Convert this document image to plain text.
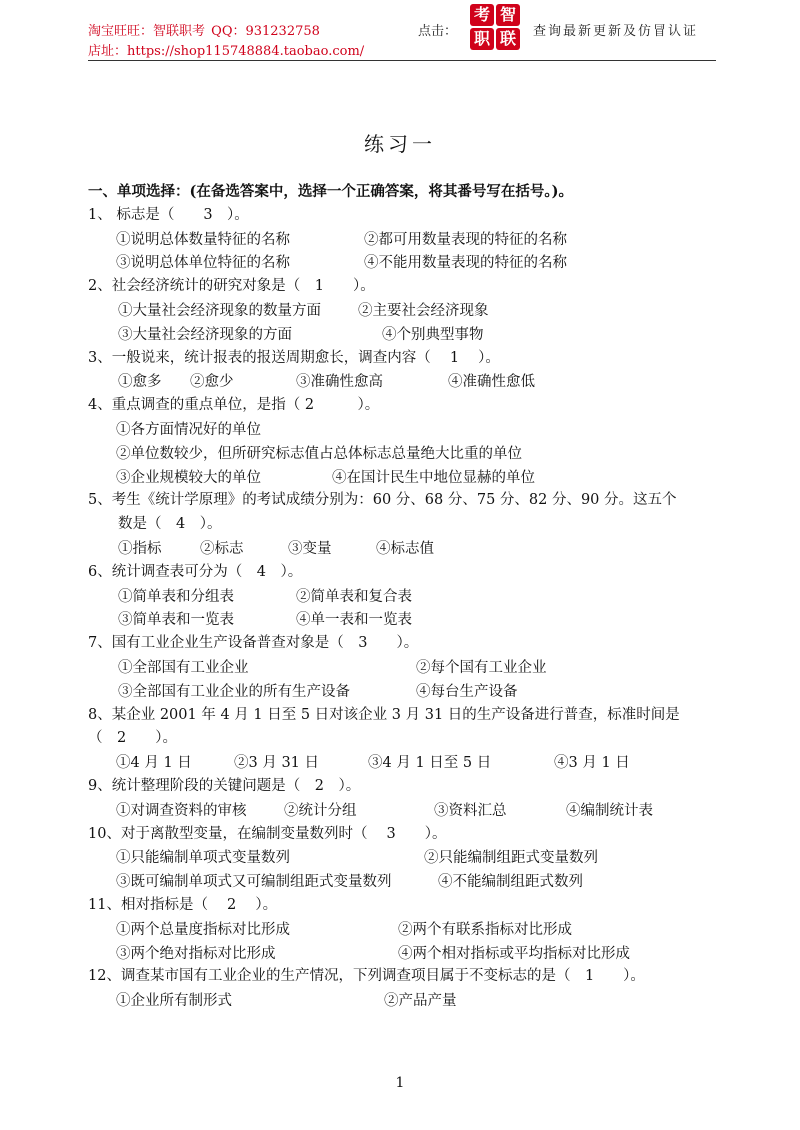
淘宝旺旺：智联职考 QQ：931232758
店址：https://shop115748884.taobao.com/
点击：
考 智
职 联	查询最新更新及仿冒认证
练习一
一、单项选择：(在备选答案中，选择一个正确答案，将其番号写在括号。)。
1、 标志是（　　3　）。
①说明总体数量特征的名称	②都可用数量表现的特征的名称
③说明总体单位特征的名称	④不能用数量表现的特征的名称
2、社会经济统计的研究对象是（　1　　）。
①大量社会经济现象的数量方面	②主要社会经济现象
③大量社会经济现象的方面	④个别典型事物
3、一般说来，统计报表的报送周期愈长，调查内容（　 1　 ）。
①愈多 ②愈少	③准确性愈高	④准确性愈低
4、重点调查的重点单位，是指（ 2　　　）。
①各方面情况好的单位
②单位数较少，但所研究标志值占总体标志总量绝大比重的单位
③企业规模较大的单位	④在国计民生中地位显赫的单位
5、考生《统计学原理》的考试成绩分别为：60 分、68 分、75 分、82 分、90 分。这五个
数是（　4　）。
①指标	②标志	③变量	④标志值
6、统计调查表可分为（　4　）。
①简单表和分组表	②简单表和复合表
③简单表和一览表	④单一表和一览表
7、国有工业企业生产设备普查对象是（　3　　）。
①全部国有工业企业	②每个国有工业企业
③全部国有工业企业的所有生产设备	④每台生产设备
8、某企业 2001 年 4 月 1 日至 5 日对该企业 3 月 31 日的生产设备进行普查，标准时间是
（　2　　）。
①4 月 1 日	②3 月 31 日	③4 月 1 日至 5 日	④3 月 1 日
9、统计整理阶段的关键问题是（　2　）。
①对调查资料的审核	②统计分组	③资料汇总	④编制统计表
10、对于离散型变量，在编制变量数列时（　 3　　）。
①只能编制单项式变量数列	②只能编制组距式变量数列
③既可编制单项式又可编制组距式变量数列	④不能编制组距式数列
11、相对指标是（　 2　 ）。
①两个总量度指标对比形成	②两个有联系指标对比形成
③两个绝对指标对比形成	④两个相对指标或平均指标对比形成
12、调查某市国有工业企业的生产情况，下列调查项目属于不变标志的是（　1　　）。
①企业所有制形式	②产品产量
1
